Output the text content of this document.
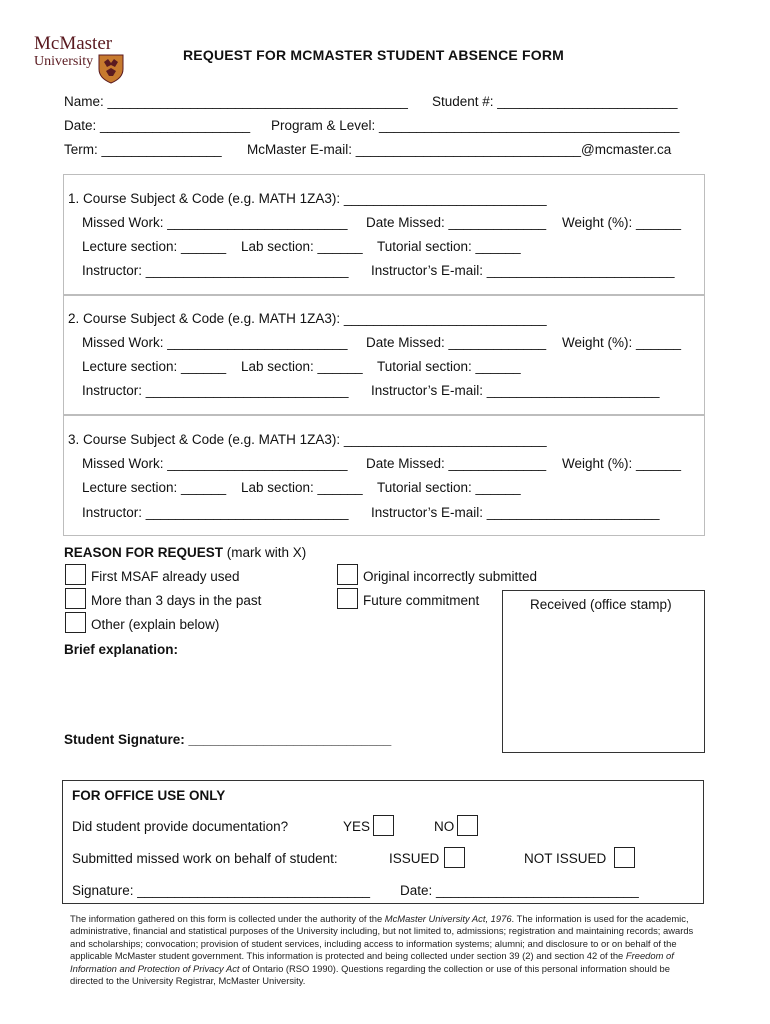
McMaster
University	REQUEST FOR MCMASTER STUDENT ABSENCE FORM
Name: ________________________________________ Student #: ________________________
Date: ____________________ Program & Level: ________________________________________
Term: ________________ McMaster E-mail: ______________________________@mcmaster.ca
1. Course Subject & Code (e.g. MATH 1ZA3): ___________________________
Missed Work: ________________________ Date Missed: _____________ Weight (%): ______
Lecture section: ______ Lab section: ______ Tutorial section: ______
Instructor: ___________________________ Instructor’s E-mail: _________________________
2. Course Subject & Code (e.g. MATH 1ZA3): ___________________________
Missed Work: ________________________ Date Missed: _____________ Weight (%): ______
Lecture section: ______ Lab section: ______ Tutorial section: ______
Instructor: ___________________________ Instructor’s E-mail: _______________________
3. Course Subject & Code (e.g. MATH 1ZA3): ___________________________
Missed Work: ________________________ Date Missed: _____________ Weight (%): ______
Lecture section: ______ Lab section: ______ Tutorial section: ______
Instructor: ___________________________ Instructor’s E-mail: _______________________
REASON FOR REQUEST (mark with X)
First MSAF already used
More than 3 days in the past
Other (explain below)
Original incorrectly submitted
Future commitment	Received (office stamp)
Brief explanation:
Student Signature: ___________________________
FOR OFFICE USE ONLY
Did student provide documentation?	YES	NO
Submitted missed work on behalf of student:	ISSUED	NOT ISSUED
Signature: _______________________________ Date: ___________________________
The information gathered on this form is collected under the authority of the McMaster University Act, 1976. The information is used for the academic, administrative, financial and statistical purposes of the University including, but not limited to, admissions; registration and maintaining records; awards and scholarships; convocation; provision of student services, including access to information systems; alumni; and disclosure to or on behalf of the applicable McMaster student government. This information is protected and being collected under section 39 (2) and section 42 of the Freedom of Information and Protection of Privacy Act of Ontario (RSO 1990). Questions regarding the collection or use of this personal information should be directed to the University Registrar, McMaster University.
